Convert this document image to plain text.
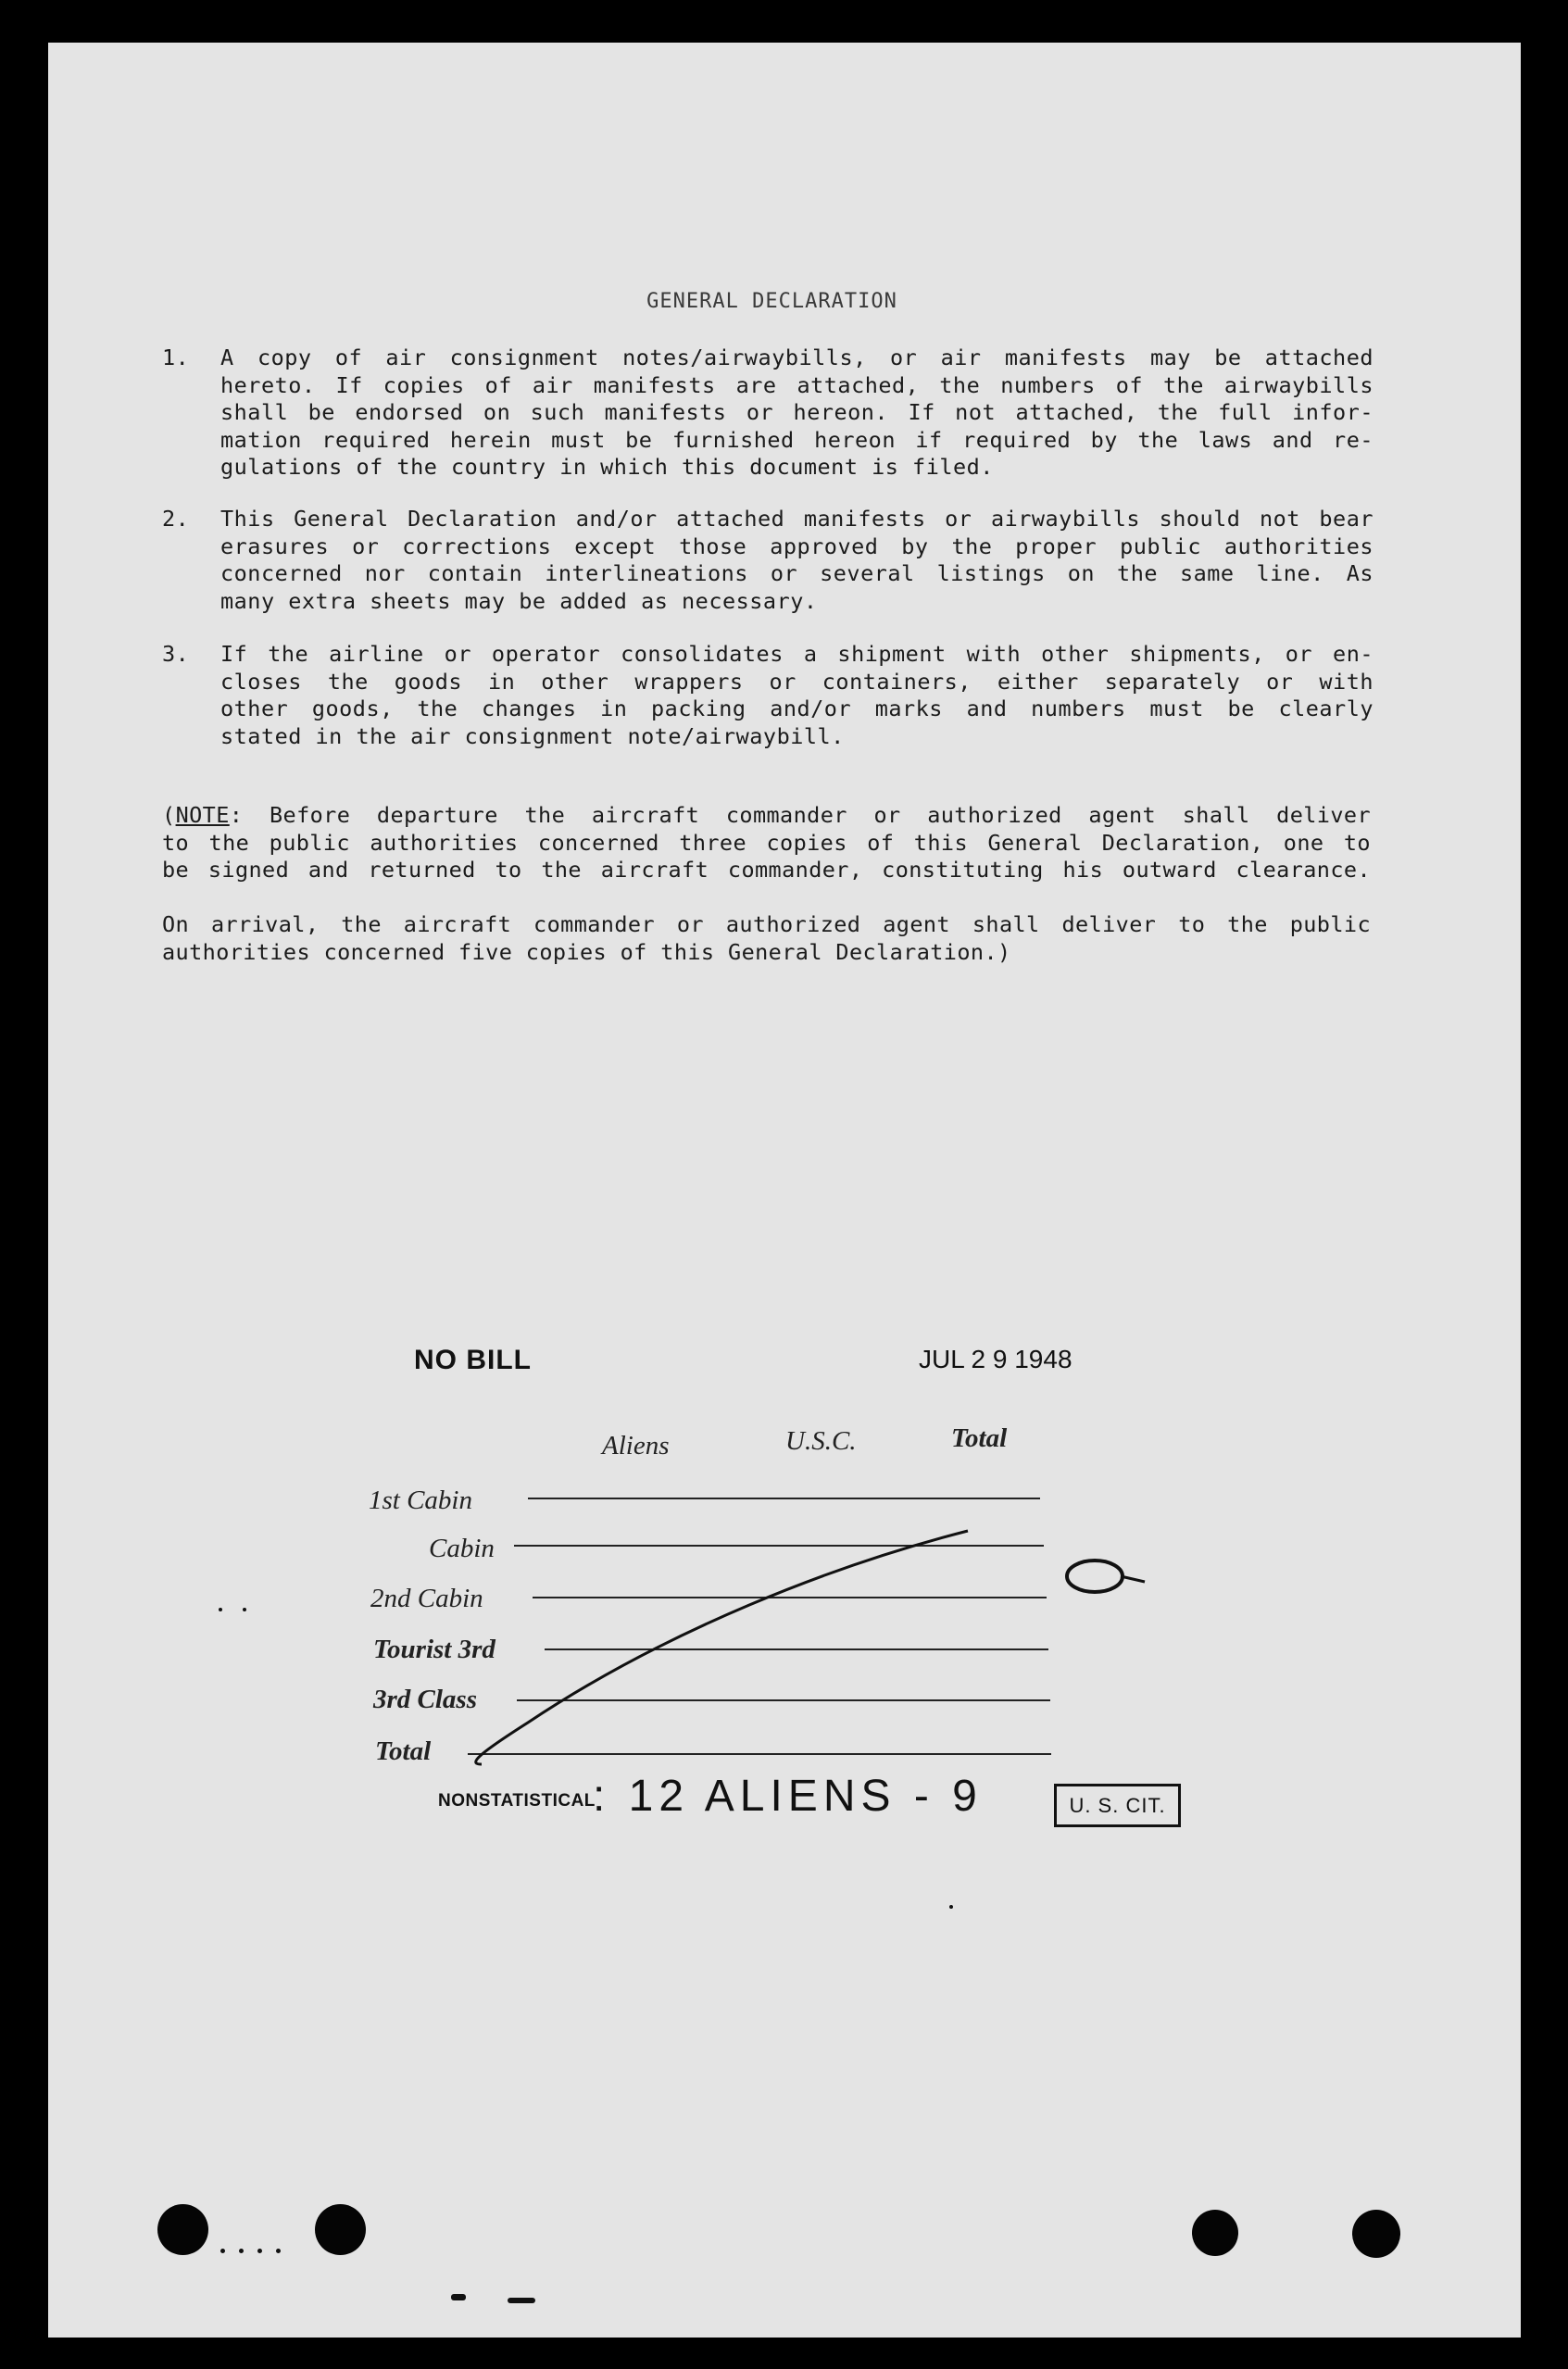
GENERAL DECLARATION
1. A copy of air consignment notes/airwaybills, or air manifests may be attached
hereto. If copies of air manifests are attached, the numbers of the airwaybills
shall be endorsed on such manifests or hereon. If not attached, the full infor-
mation required herein must be furnished hereon if required by the laws and re-
gulations of the country in which this document is filed.
2. This General Declaration and/or attached manifests or airwaybills should not bear
erasures or corrections except those approved by the proper public authorities
concerned nor contain interlineations or several listings on the same line. As
many extra sheets may be added as necessary.
3. If the airline or operator consolidates a shipment with other shipments, or en-
closes the goods in other wrappers or containers, either separately or with
other goods, the changes in packing and/or marks and numbers must be clearly
stated in the air consignment note/airwaybill.
(NOTE: Before departure the aircraft commander or authorized agent shall deliver
to the public authorities concerned three copies of this General Declaration, one to
be signed and returned to the aircraft commander, constituting his outward clearance.
On arrival, the aircraft commander or authorized agent shall deliver to the public
authorities concerned five copies of this General Declaration.)
NO BILL	JUL 2 9 1948
Aliens	U.S.C.	Total
1st Cabin
Cabin
2nd Cabin
Tourist 3rd
3rd Class
Total
NONSTATISTICAL
: 12 ALIENS - 9	U. S. CIT.
